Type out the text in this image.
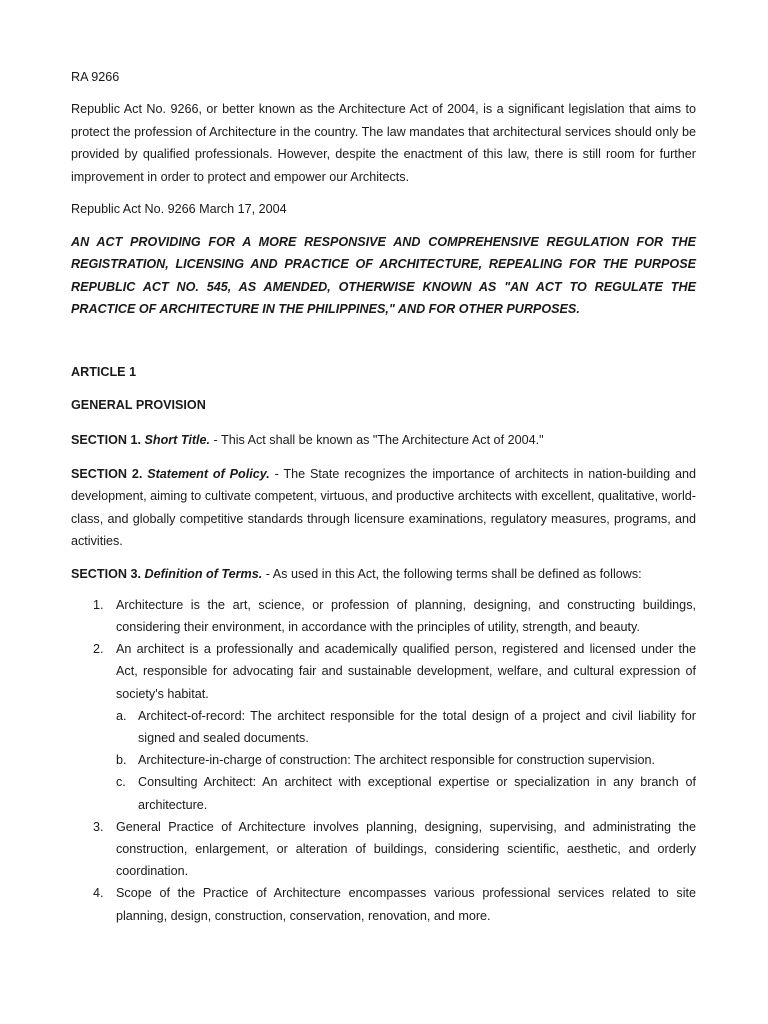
RA 9266

Republic Act No. 9266, or better known as the Architecture Act of 2004, is a significant legislation that aims to protect the profession of Architecture in the country. The law mandates that architectural services should only be provided by qualified professionals. However, despite the enactment of this law, there is still room for further improvement in order to protect and empower our Architects.

Republic Act No. 9266 March 17, 2004

AN ACT PROVIDING FOR A MORE RESPONSIVE AND COMPREHENSIVE REGULATION FOR THE REGISTRATION, LICENSING AND PRACTICE OF ARCHITECTURE, REPEALING FOR THE PURPOSE REPUBLIC ACT NO. 545, AS AMENDED, OTHERWISE KNOWN AS "AN ACT TO REGULATE THE PRACTICE OF ARCHITECTURE IN THE PHILIPPINES," AND FOR OTHER PURPOSES.

ARTICLE 1

GENERAL PROVISION

SECTION 1. Short Title. - This Act shall be known as "The Architecture Act of 2004."

SECTION 2. Statement of Policy. - The State recognizes the importance of architects in nation-building and development, aiming to cultivate competent, virtuous, and productive architects with excellent, qualitative, world-class, and globally competitive standards through licensure examinations, regulatory measures, programs, and activities.

SECTION 3. Definition of Terms. - As used in this Act, the following terms shall be defined as follows:

1. Architecture is the art, science, or profession of planning, designing, and constructing buildings, considering their environment, in accordance with the principles of utility, strength, and beauty.
2. An architect is a professionally and academically qualified person, registered and licensed under the Act, responsible for advocating fair and sustainable development, welfare, and cultural expression of society's habitat.
a. Architect-of-record: The architect responsible for the total design of a project and civil liability for signed and sealed documents.
b. Architecture-in-charge of construction: The architect responsible for construction supervision.
c. Consulting Architect: An architect with exceptional expertise or specialization in any branch of architecture.
3. General Practice of Architecture involves planning, designing, supervising, and administrating the construction, enlargement, or alteration of buildings, considering scientific, aesthetic, and orderly coordination.
4. Scope of the Practice of Architecture encompasses various professional services related to site planning, design, construction, conservation, renovation, and more.
